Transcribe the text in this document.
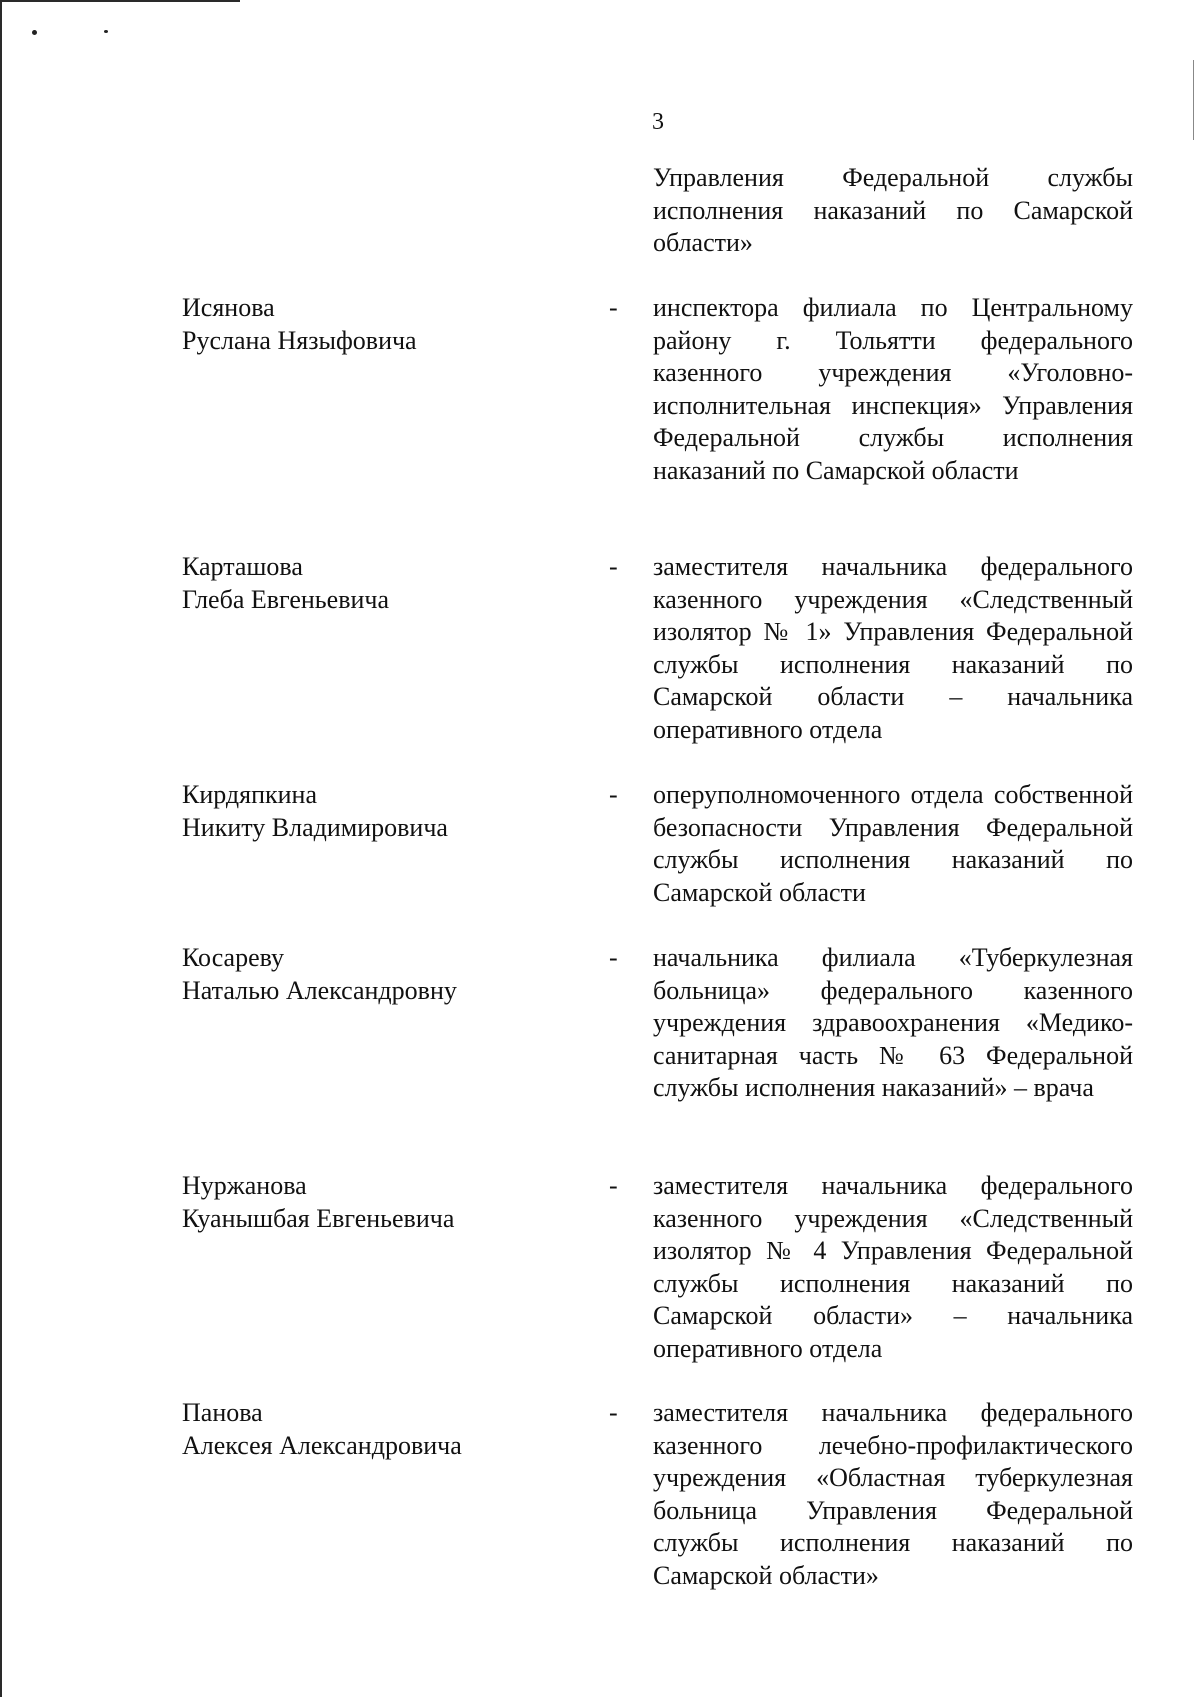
3
Управления Федеральной службы исполнения наказаний по Самарской области»
Исянова
Руслана Нязыфовича
- инспектора филиала по Центральному району г. Тольятти федерального казенного учреждения «Уголовно-исполнительная инспекция» Управления Федеральной службы исполнения наказаний по Самарской области
Карташова
Глеба Евгеньевича
- заместителя начальника федерального казенного учреждения «Следственный изолятор № 1» Управления Федеральной службы исполнения наказаний по Самарской области – начальника оперативного отдела
Кирдяпкина
Никиту Владимировича
- оперуполномоченного отдела собственной безопасности Управления Федеральной службы исполнения наказаний по Самарской области
Косареву
Наталью Александровну
- начальника филиала «Туберкулезная больница» федерального казенного учреждения здравоохранения «Медико-санитарная часть № 63 Федеральной службы исполнения наказаний» – врача
Нуржанова
Куанышбая Евгеньевича
- заместителя начальника федерального казенного учреждения «Следственный изолятор № 4 Управления Федеральной службы исполнения наказаний по Самарской области» – начальника оперативного отдела
Панова
Алексея Александровича
- заместителя начальника федерального казенного лечебно-профилактического учреждения «Областная туберкулезная больница Управления Федеральной службы исполнения наказаний по Самарской области»
